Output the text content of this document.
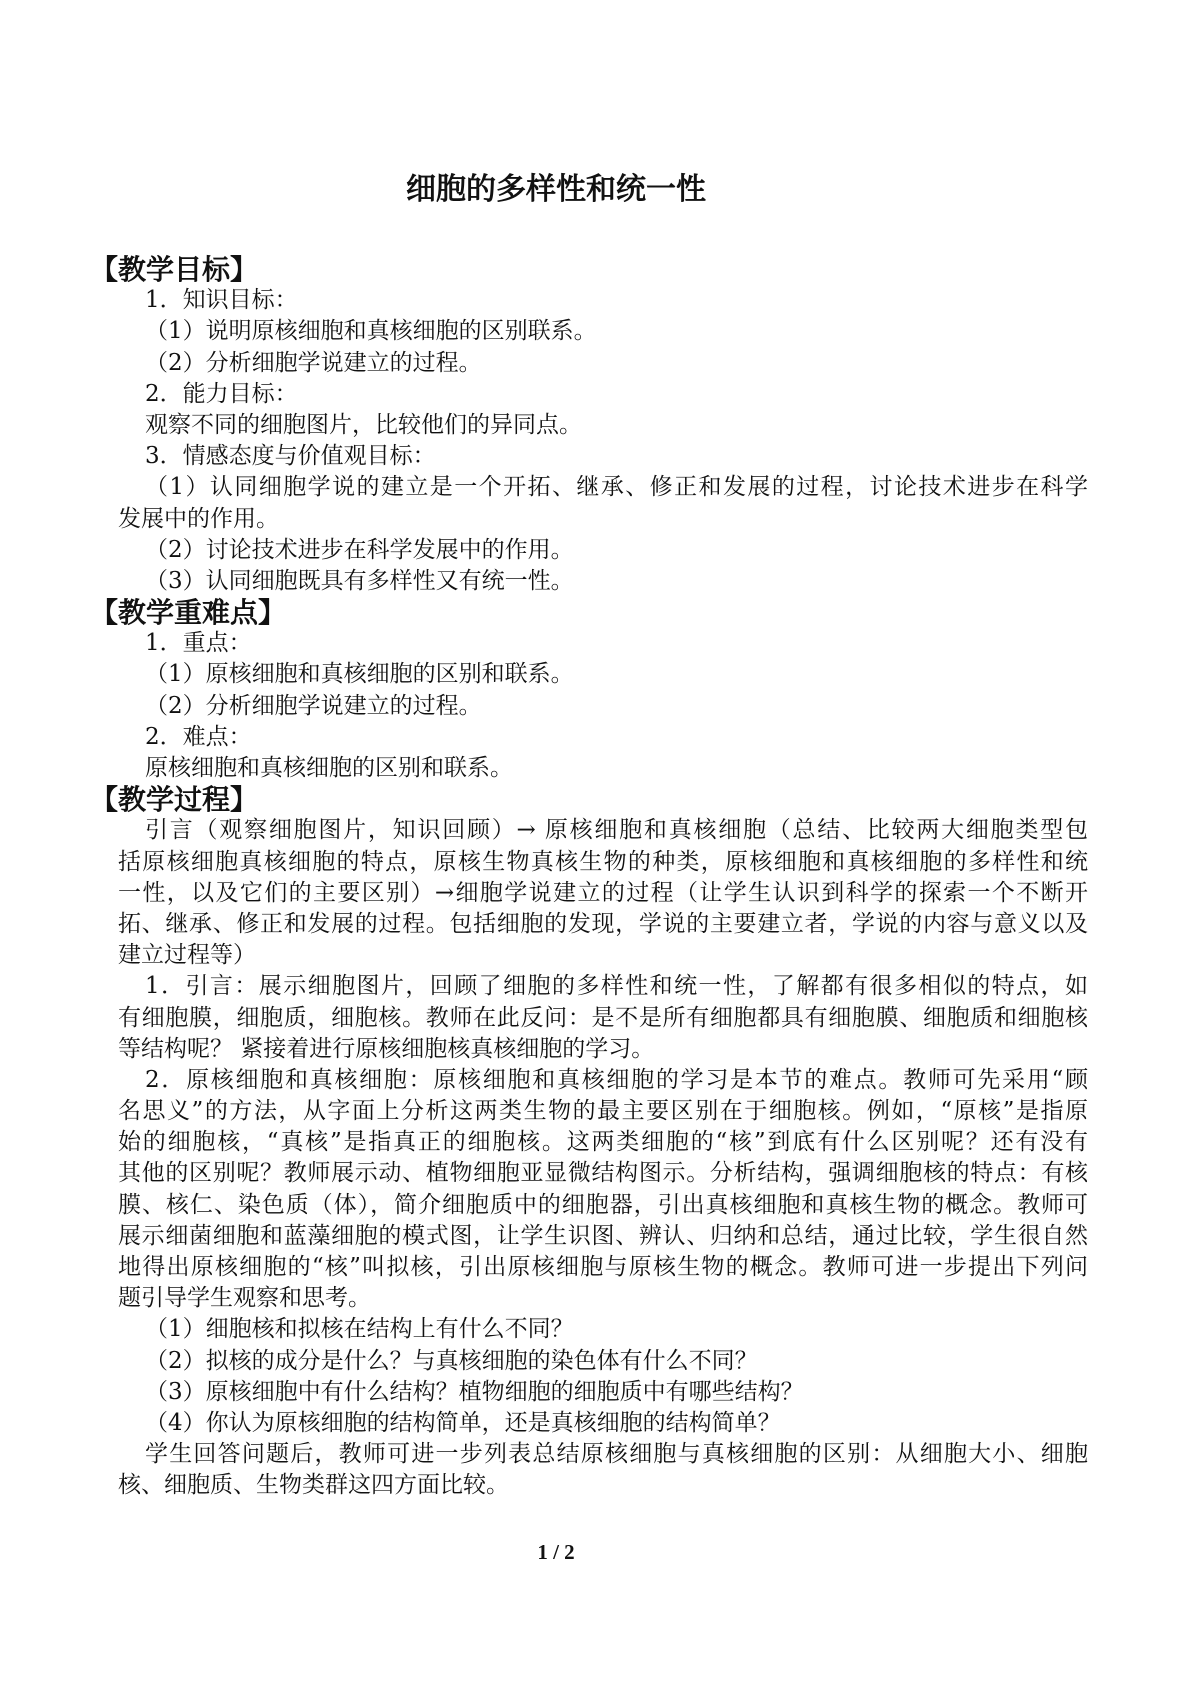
细胞的多样性和统一性
【教学目标】
1．知识目标：
（1）说明原核细胞和真核细胞的区别联系。
（2）分析细胞学说建立的过程。
2．能力目标：
观察不同的细胞图片，比较他们的异同点。
3．情感态度与价值观目标：
（1）认同细胞学说的建立是一个开拓、继承、修正和发展的过程，讨论技术进步在科学
发展中的作用。
（2）讨论技术进步在科学发展中的作用。
（3）认同细胞既具有多样性又有统一性。
【教学重难点】
1．重点：
（1）原核细胞和真核细胞的区别和联系。
（2）分析细胞学说建立的过程。
2．难点：
原核细胞和真核细胞的区别和联系。
【教学过程】
引言（观察细胞图片，知识回顾）→ 原核细胞和真核细胞（总结、比较两大细胞类型包
括原核细胞真核细胞的特点，原核生物真核生物的种类，原核细胞和真核细胞的多样性和统
一性，以及它们的主要区别）→细胞学说建立的过程（让学生认识到科学的探索一个不断开
拓、继承、修正和发展的过程。包括细胞的发现，学说的主要建立者，学说的内容与意义以及
建立过程等）
1．引言：展示细胞图片，回顾了细胞的多样性和统一性，了解都有很多相似的特点，如
有细胞膜，细胞质，细胞核。教师在此反问：是不是所有细胞都具有细胞膜、细胞质和细胞核
等结构呢？ 紧接着进行原核细胞核真核细胞的学习。
2．原核细胞和真核细胞：原核细胞和真核细胞的学习是本节的难点。教师可先采用“顾
名思义”的方法，从字面上分析这两类生物的最主要区别在于细胞核。例如，“原核”是指原
始的细胞核，“真核”是指真正的细胞核。这两类细胞的“核”到底有什么区别呢？还有没有
其他的区别呢？教师展示动、植物细胞亚显微结构图示。分析结构，强调细胞核的特点：有核
膜、核仁、染色质（体），简介细胞质中的细胞器，引出真核细胞和真核生物的概念。教师可
展示细菌细胞和蓝藻细胞的模式图，让学生识图、辨认、归纳和总结，通过比较，学生很自然
地得出原核细胞的“核”叫拟核，引出原核细胞与原核生物的概念。教师可进一步提出下列问
题引导学生观察和思考。
（1）细胞核和拟核在结构上有什么不同？
（2）拟核的成分是什么？与真核细胞的染色体有什么不同？
（3）原核细胞中有什么结构？植物细胞的细胞质中有哪些结构？
（4）你认为原核细胞的结构简单，还是真核细胞的结构简单？
学生回答问题后，教师可进一步列表总结原核细胞与真核细胞的区别：从细胞大小、细胞
核、细胞质、生物类群这四方面比较。
1 / 2
